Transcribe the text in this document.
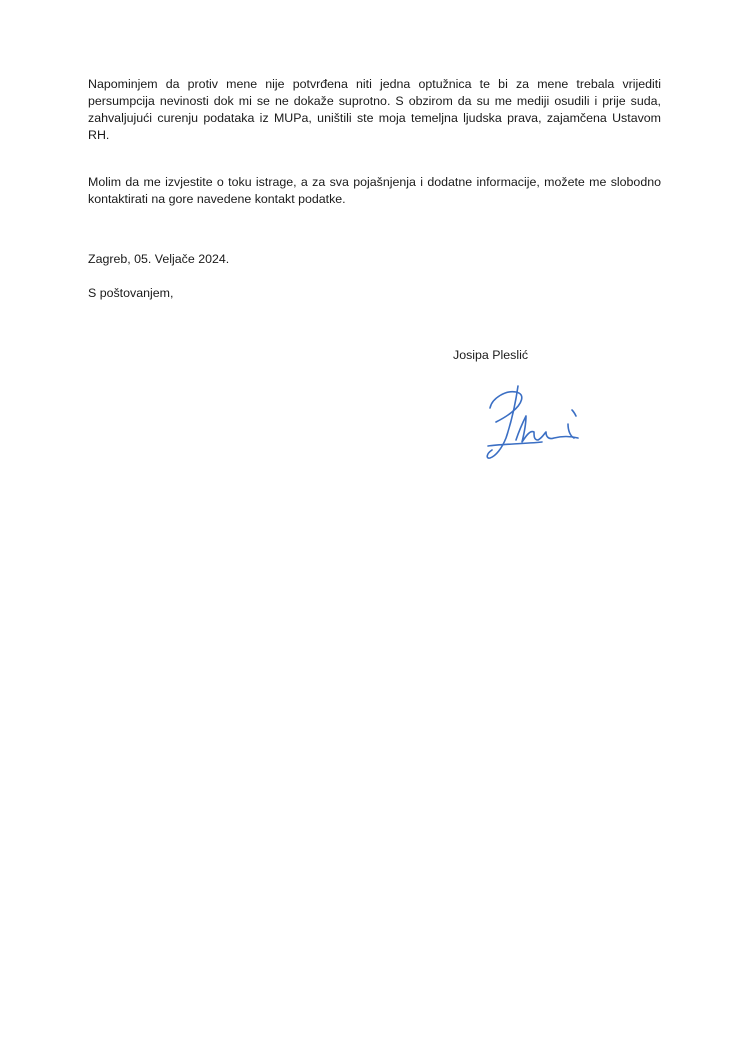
Napominjem da protiv mene nije potvrđena niti jedna optužnica te bi za mene trebala vrijediti persumpcija nevinosti dok mi se ne dokaže suprotno. S obzirom da su me mediji osudili i prije suda, zahvaljujući curenju podataka iz MUPa, uništili ste moja temeljna ljudska prava, zajamčena Ustavom RH.

Molim da me izvjestite o toku istrage, a za sva pojašnjenja i dodatne informacije, možete me slobodno kontaktirati na gore navedene kontakt podatke.

Zagreb, 05. Veljače 2024.

S poštovanjem,

Josipa Pleslić
